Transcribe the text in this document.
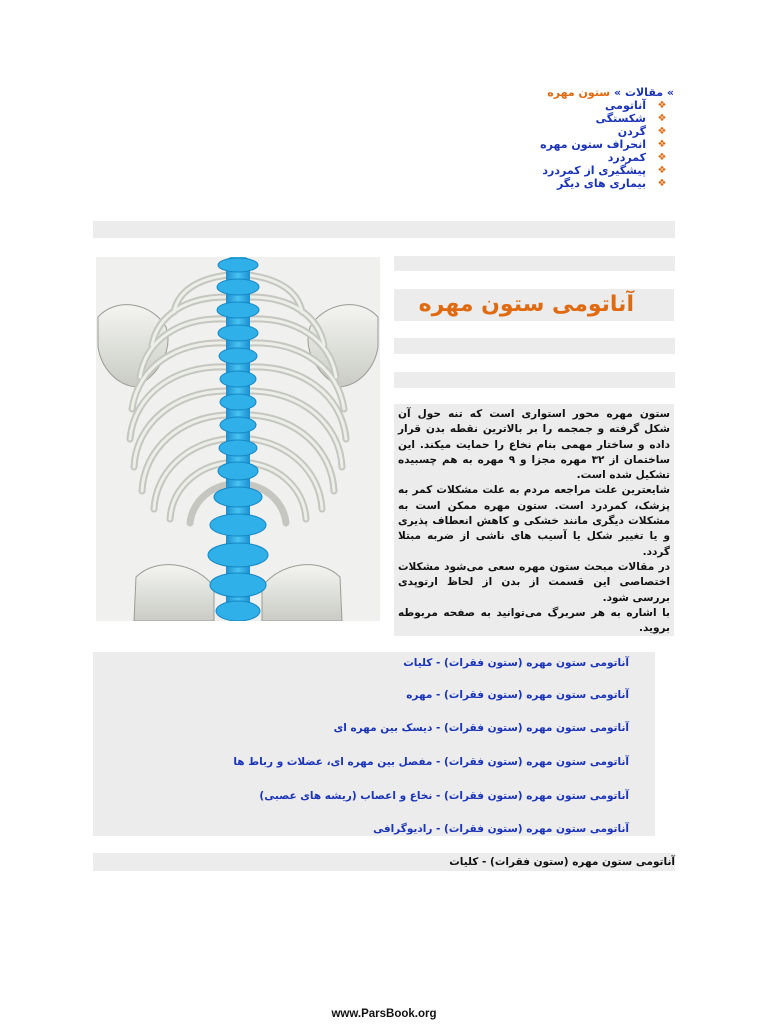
» مقالات » ستون مهره
❖
آناتومی
❖
شکستگی
❖
گردن
❖
انحراف ستون مهره
❖
کمردرد
❖
پیشگیری از کمردرد
❖
بیماری های دیگر
آناتومی ستون مهره

ستون مهره محور استواری است که تنه حول آن شکل گرفته و جمجمه را بر بالاترین نقطه بدن قرار داده و ساختار مهمی بنام نخاع را حمایت میکند. این ساختمان از ۳۲ مهره مجزا و ۹ مهره به هم چسبیده تشکیل شده است.

شایعترین علت مراجعه مردم به علت مشکلات کمر به پزشک، کمردرد است. ستون مهره ممکن است به مشکلات دیگری مانند خشکی و کاهش انعطاف پذیری و یا تغییر شکل یا آسیب های ناشی از ضربه مبتلا گردد.

در مقالات مبحث ستون مهره سعی می‌شود مشکلات اختصاصی این قسمت از بدن از لحاظ ارتوپدی بررسی شود.

با اشاره به هر سربرگ می‌توانید به صفحه مربوطه بروید.

آناتومی ستون مهره (ستون فقرات) - کلیات
آناتومی ستون مهره (ستون فقرات) - مهره
آناتومی ستون مهره (ستون فقرات) - دیسک بین مهره ای
آناتومی ستون مهره (ستون فقرات) - مفصل بین مهره ای، عضلات و رباط ها
آناتومی ستون مهره (ستون فقرات) - نخاع و اعصاب (ریشه های عصبی)
آناتومی ستون مهره (ستون فقرات) - رادیوگرافی
آناتومی ستون مهره (ستون فقرات) - کلیات
www.ParsBook.org
